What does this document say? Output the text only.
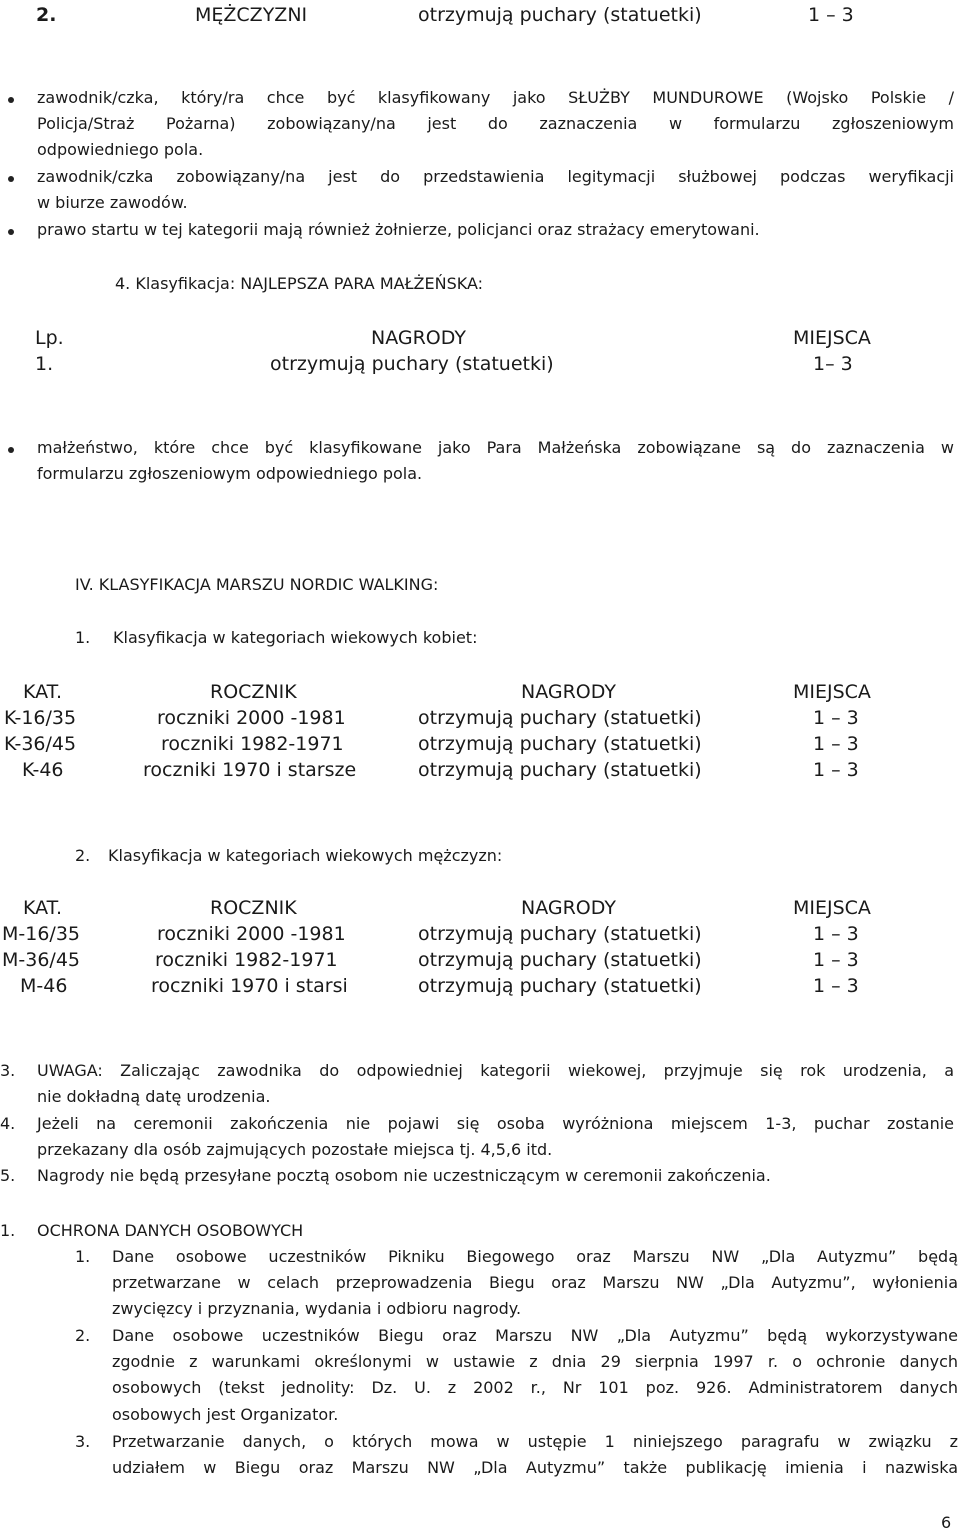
2.	MĘŻCZYZNI	otrzymują puchary (statuetki)	1 – 3
zawodnik/czka, który/ra chce być klasyfikowany jako SŁUŻBY MUNDUROWE (Wojsko Polskie /
Policja/Straż Pożarna) zobowiązany/na jest do zaznaczenia w formularzu zgłoszeniowym
odpowiedniego pola.
zawodnik/czka zobowiązany/na jest do przedstawienia legitymacji służbowej podczas weryfikacji
w biurze zawodów.
prawo startu w tej kategorii mają również żołnierze, policjanci oraz strażacy emerytowani.
4. Klasyfikacja: NAJLEPSZA PARA MAŁŻEŃSKA:
Lp.	NAGRODY	MIEJSCA
1.	otrzymują puchary (statuetki)	1– 3
małżeństwo, które chce być klasyfikowane jako Para Małżeńska zobowiązane są do zaznaczenia w
formularzu zgłoszeniowym odpowiedniego pola.
IV. KLASYFIKACJA MARSZU NORDIC WALKING:
1. Klasyfikacja w kategoriach wiekowych kobiet:
KAT.	ROCZNIK	NAGRODY	MIEJSCA
K-16/35	roczniki 2000 -1981	otrzymują puchary (statuetki)	1 – 3
K-36/45	roczniki 1982-1971	otrzymują puchary (statuetki)	1 – 3
K-46	roczniki 1970 i starsze	otrzymują puchary (statuetki)	1 – 3
2. Klasyfikacja w kategoriach wiekowych mężczyzn:
KAT.	ROCZNIK	NAGRODY	MIEJSCA
M-16/35	roczniki 2000 -1981	otrzymują puchary (statuetki)	1 – 3
M-36/45	roczniki 1982-1971	otrzymują puchary (statuetki)	1 – 3
M-46	roczniki 1970 i starsi	otrzymują puchary (statuetki)	1 – 3
3. UWAGA: Zaliczając zawodnika do odpowiedniej kategorii wiekowej, przyjmuje się rok urodzenia, a
nie dokładną datę urodzenia.
4. Jeżeli na ceremonii zakończenia nie pojawi się osoba wyróżniona miejscem 1-3, puchar zostanie
przekazany dla osób zajmujących pozostałe miejsca tj. 4,5,6 itd.
5. Nagrody nie będą przesyłane pocztą osobom nie uczestniczącym w ceremonii zakończenia.
1. OCHRONA DANYCH OSOBOWYCH
1. Dane osobowe uczestników Pikniku Biegowego oraz Marszu NW „Dla Autyzmu” będą
przetwarzane w celach przeprowadzenia Biegu oraz Marszu NW „Dla Autyzmu”, wyłonienia
zwycięzcy i przyznania, wydania i odbioru nagrody.
2. Dane osobowe uczestników Biegu oraz Marszu NW „Dla Autyzmu” będą wykorzystywane
zgodnie z warunkami określonymi w ustawie z dnia 29 sierpnia 1997 r. o ochronie danych
osobowych (tekst jednolity: Dz. U. z 2002 r., Nr 101 poz. 926. Administratorem danych
osobowych jest Organizator.
3. Przetwarzanie danych, o których mowa w ustępie 1 niniejszego paragrafu w związku z
udziałem w Biegu oraz Marszu NW „Dla Autyzmu” także publikację imienia i nazwiska
6
